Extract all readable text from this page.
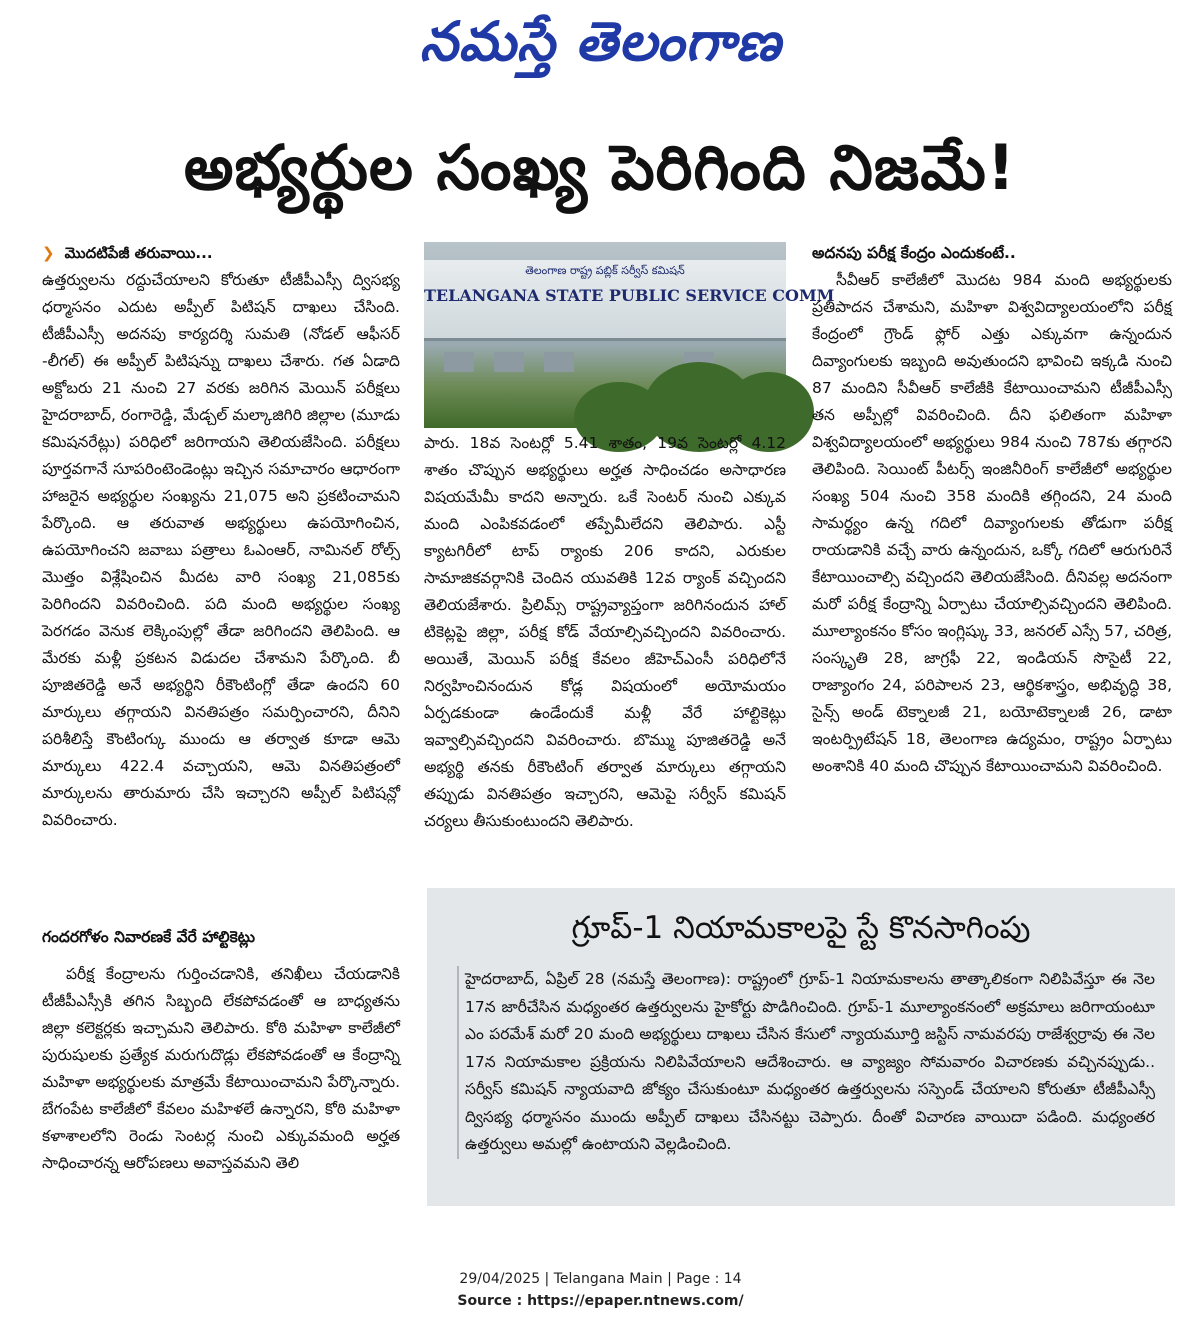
నమస్తే తెలంగాణ
అభ్యర్థుల సంఖ్య పెరిగింది నిజమే!
❯ మొదటిపేజీ తరువాయి...

ఉత్తర్వులను రద్దుచేయాలని కోరుతూ టీజీపీఎస్సీ ద్విసభ్య ధర్మాసనం ఎదుట అప్పీల్ పిటిషన్ దాఖలు చేసింది. టీజీపీఎస్సీ అదనపు కార్యదర్శి సుమతి (నోడల్ ఆఫీసర్ -లీగల్) ఈ అప్పీల్ పిటిషన్ను దాఖలు చేశారు. గత ఏడాది అక్టోబరు 21 నుంచి 27 వరకు జరిగిన మెయిన్ పరీక్షలు హైదరాబాద్, రంగారెడ్డి, మేడ్చల్ మల్కాజిగిరి జిల్లాల (మూడు కమిషనరేట్లు) పరిధిలో జరిగాయని తెలియజేసింది. పరీక్షలు పూర్తవగానే సూపరింటెండెంట్లు ఇచ్చిన సమాచారం ఆధారంగా హాజరైన అభ్యర్థుల సంఖ్యను 21,075 అని ప్రకటించామని పేర్కొంది. ఆ తరువాత అభ్యర్థులు ఉపయోగించిన, ఉపయోగించని జవాబు పత్రాలు ఓఎంఆర్, నామినల్ రోల్స్ మొత్తం విశ్లేషించిన మీదట వారి సంఖ్య 21,085కు పెరిగిందని వివరించింది. పది మంది అభ్యర్థుల సంఖ్య పెరగడం వెనుక లెక్కింపుల్లో తేడా జరిగిందని తెలిపింది. ఆ మేరకు మళ్లీ ప్రకటన విడుదల చేశామని పేర్కొంది. బీ పూజితరెడ్డి అనే అభ్యర్థిని రీకౌంటింగ్లో తేడా ఉందని 60 మార్కులు తగ్గాయని వినతిపత్రం సమర్పించారని, దీనిని పరిశీలిస్తే కౌంటింగ్కు ముందు ఆ తర్వాత కూడా ఆమె మార్కులు 422.4 వచ్చాయని, ఆమె వినతిపత్రంలో మార్కులను తారుమారు చేసి ఇచ్చారని అప్పీల్ పిటిషన్లో వివరించారు.

గందరగోళం నివారణకే వేరే హాల్టికెట్లు

పరీక్ష కేంద్రాలను గుర్తించడానికి, తనిఖీలు చేయడానికి టీజీపీఎస్సీకి తగిన సిబ్బంది లేకపోవడంతో ఆ బాధ్యతను జిల్లా కలెక్టర్లకు ఇచ్చామని తెలిపారు. కోఠి మహిళా కాలేజీలో పురుషులకు ప్రత్యేక మరుగుదొడ్లు లేకపోవడంతో ఆ కేంద్రాన్ని మహిళా అభ్యర్థులకు మాత్రమే కేటాయించామని పేర్కొన్నారు. బేగంపేట కాలేజీలో కేవలం మహిళలే ఉన్నారని, కోఠి మహిళా కళాశాలలోని రెండు సెంటర్ల నుంచి ఎక్కువమంది అర్హత సాధించారన్న ఆరోపణలు అవాస్తవమని తెలి

తెలంగాణ రాష్ట్ర పబ్లిక్ సర్వీస్ కమిషన్
TELANGANA STATE PUBLIC SERVICE COMM

పారు. 18వ సెంటర్లో 5.41 శాతం, 19వ సెంటర్లో 4.12 శాతం చొప్పున అభ్యర్థులు అర్హత సాధించడం అసాధారణ విషయమేమీ కాదని అన్నారు. ఒకే సెంటర్ నుంచి ఎక్కువ మంది ఎంపికవడంలో తప్పేమీలేదని తెలిపారు. ఎస్టీ క్యాటగిరీలో టాప్ ర్యాంకు 206 కాదని, ఎరుకుల సామాజికవర్గానికి చెందిన యువతికి 12వ ర్యాంక్ వచ్చిందని తెలియజేశారు. ప్రిలిమ్స్ రాష్ట్రవ్యాప్తంగా జరిగినందున హాల్ టికెట్లపై జిల్లా, పరీక్ష కోడ్ వేయాల్సివచ్చిందని వివరించారు. అయితే, మెయిన్ పరీక్ష కేవలం జీహెచ్ఎంసీ పరిధిలోనే నిర్వహించినందున కోడ్ల విషయంలో అయోమయం ఏర్పడకుండా ఉండేందుకే మళ్లీ వేరే హాల్టికెట్లు ఇవ్వాల్సివచ్చిందని వివరించారు. బొమ్ము పూజితరెడ్డి అనే అభ్యర్థి తనకు రీకౌంటింగ్ తర్వాత మార్కులు తగ్గాయని తప్పుడు వినతిపత్రం ఇచ్చారని, ఆమెపై సర్వీస్ కమిషన్ చర్యలు తీసుకుంటుందని తెలిపారు.

అదనపు పరీక్ష కేంద్రం ఎందుకంటే..

సీవీఆర్ కాలేజీలో మొదట 984 మంది అభ్యర్థులకు ప్రతిపాదన చేశామని, మహిళా విశ్వవిద్యాలయంలోని పరీక్ష కేంద్రంలో గ్రౌండ్ ఫ్లోర్ ఎత్తు ఎక్కువగా ఉన్నందున దివ్యాంగులకు ఇబ్బంది అవుతుందని భావించి ఇక్కడి నుంచి 87 మందిని సీవీఆర్ కాలేజీకి కేటాయించామని టీజీపీఎస్సీ తన అప్పీల్లో వివరించింది. దీని ఫలితంగా మహిళా విశ్వవిద్యాలయంలో అభ్యర్థులు 984 నుంచి 787కు తగ్గారని తెలిపింది. సెయింట్ పీటర్స్ ఇంజినీరింగ్ కాలేజీలో అభ్యర్థుల సంఖ్య 504 నుంచి 358 మందికి తగ్గిందని, 24 మంది సామర్థ్యం ఉన్న గదిలో దివ్యాంగులకు తోడుగా పరీక్ష రాయడానికి వచ్చే వారు ఉన్నందున, ఒక్కో గదిలో ఆరుగురినే కేటాయించాల్సి వచ్చిందని తెలియజేసింది. దీనివల్ల అదనంగా మరో పరీక్ష కేంద్రాన్ని ఏర్పాటు చేయాల్సివచ్చిందని తెలిపింది. మూల్యాంకనం కోసం ఇంగ్లిష్కు 33, జనరల్ ఎస్సే 57, చరిత్ర, సంస్కృతి 28, జాగ్రఫీ 22, ఇండియన్ సొసైటీ 22, రాజ్యాంగం 24, పరిపాలన 23, ఆర్థికశాస్త్రం, అభివృద్ధి 38, సైన్స్ అండ్ టెక్నాలజీ 21, బయోటెక్నాలజీ 26, డాటా ఇంటర్ప్రిటేషన్ 18, తెలంగాణ ఉద్యమం, రాష్ట్రం ఏర్పాటు అంశానికి 40 మంది చొప్పున కేటాయించామని వివరించింది.

గ్రూప్-1 నియామకాలపై స్టే కొనసాగింపు
హైదరాబాద్, ఏప్రిల్ 28 (నమస్తే తెలంగాణ): రాష్ట్రంలో గ్రూప్-1 నియామకాలను తాత్కాలికంగా నిలిపివేస్తూ ఈ నెల 17న జారీచేసిన మధ్యంతర ఉత్తర్వులను హైకోర్టు పొడిగించింది. గ్రూప్-1 మూల్యాంకనంలో అక్రమాలు జరిగాయంటూ ఎం పరమేశ్ మరో 20 మంది అభ్యర్థులు దాఖలు చేసిన కేసులో న్యాయమూర్తి జస్టిస్ నామవరపు రాజేశ్వర్రావు ఈ నెల 17న నియామకాల ప్రక్రియను నిలిపివేయాలని ఆదేశించారు. ఆ వ్యాజ్యం సోమవారం విచారణకు వచ్చినప్పుడు.. సర్వీస్ కమిషన్ న్యాయవాది జోక్యం చేసుకుంటూ మధ్యంతర ఉత్తర్వులను సస్పెండ్ చేయాలని కోరుతూ టీజీపీఎస్సీ ద్విసభ్య ధర్మాసనం ముందు అప్పీల్ దాఖలు చేసినట్టు చెప్పారు. దీంతో విచారణ వాయిదా పడింది. మధ్యంతర ఉత్తర్వులు అమల్లో ఉంటాయని వెల్లడించింది.
29/04/2025 | Telangana Main | Page : 14
Source : https://epaper.ntnews.com/
